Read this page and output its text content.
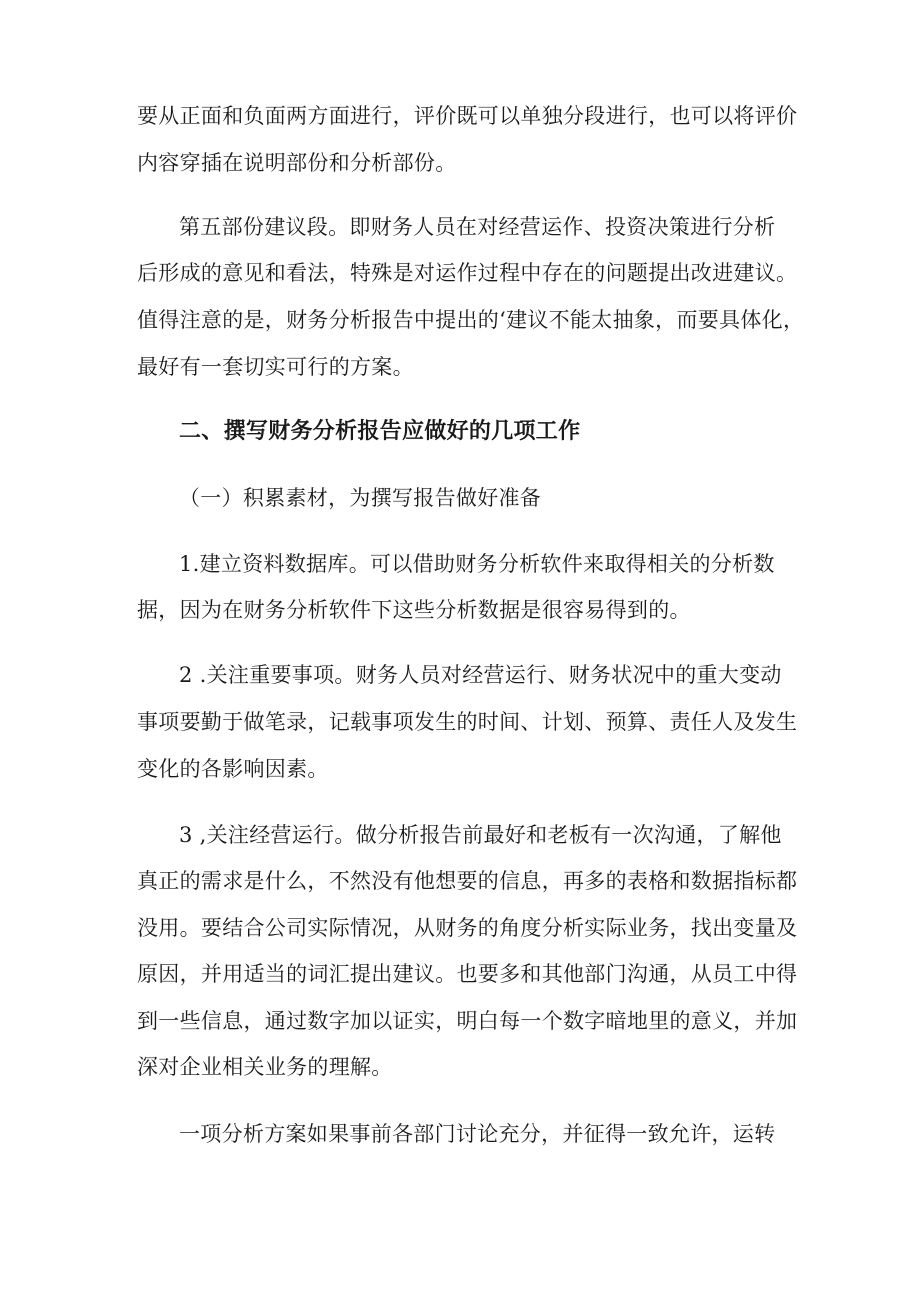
要从正面和负面两方面进行，评价既可以单独分段进行，也可以将评价
内容穿插在说明部份和分析部份。
第五部份建议段。即财务人员在对经营运作、投资决策进行分析
后形成的意见和看法，特殊是对运作过程中存在的问题提出改进建议。
值得注意的是，财务分析报告中提出的‘建议不能太抽象，而要具体化，
最好有一套切实可行的方案。
二、撰写财务分析报告应做好的几项工作
（一）积累素材，为撰写报告做好准备
1.建立资料数据库。可以借助财务分析软件来取得相关的分析数
据，因为在财务分析软件下这些分析数据是很容易得到的。
2 .关注重要事项。财务人员对经营运行、财务状况中的重大变动
事项要勤于做笔录，记载事项发生的时间、计划、预算、责任人及发生
变化的各影响因素。
3 ,关注经营运行。做分析报告前最好和老板有一次沟通，了解他
真正的需求是什么，不然没有他想要的信息，再多的表格和数据指标都
没用。要结合公司实际情况，从财务的角度分析实际业务，找出变量及
原因，并用适当的词汇提出建议。也要多和其他部门沟通，从员工中得
到一些信息，通过数字加以证实，明白每一个数字暗地里的意义，并加
深对企业相关业务的理解。
一项分析方案如果事前各部门讨论充分，并征得一致允许，运转
